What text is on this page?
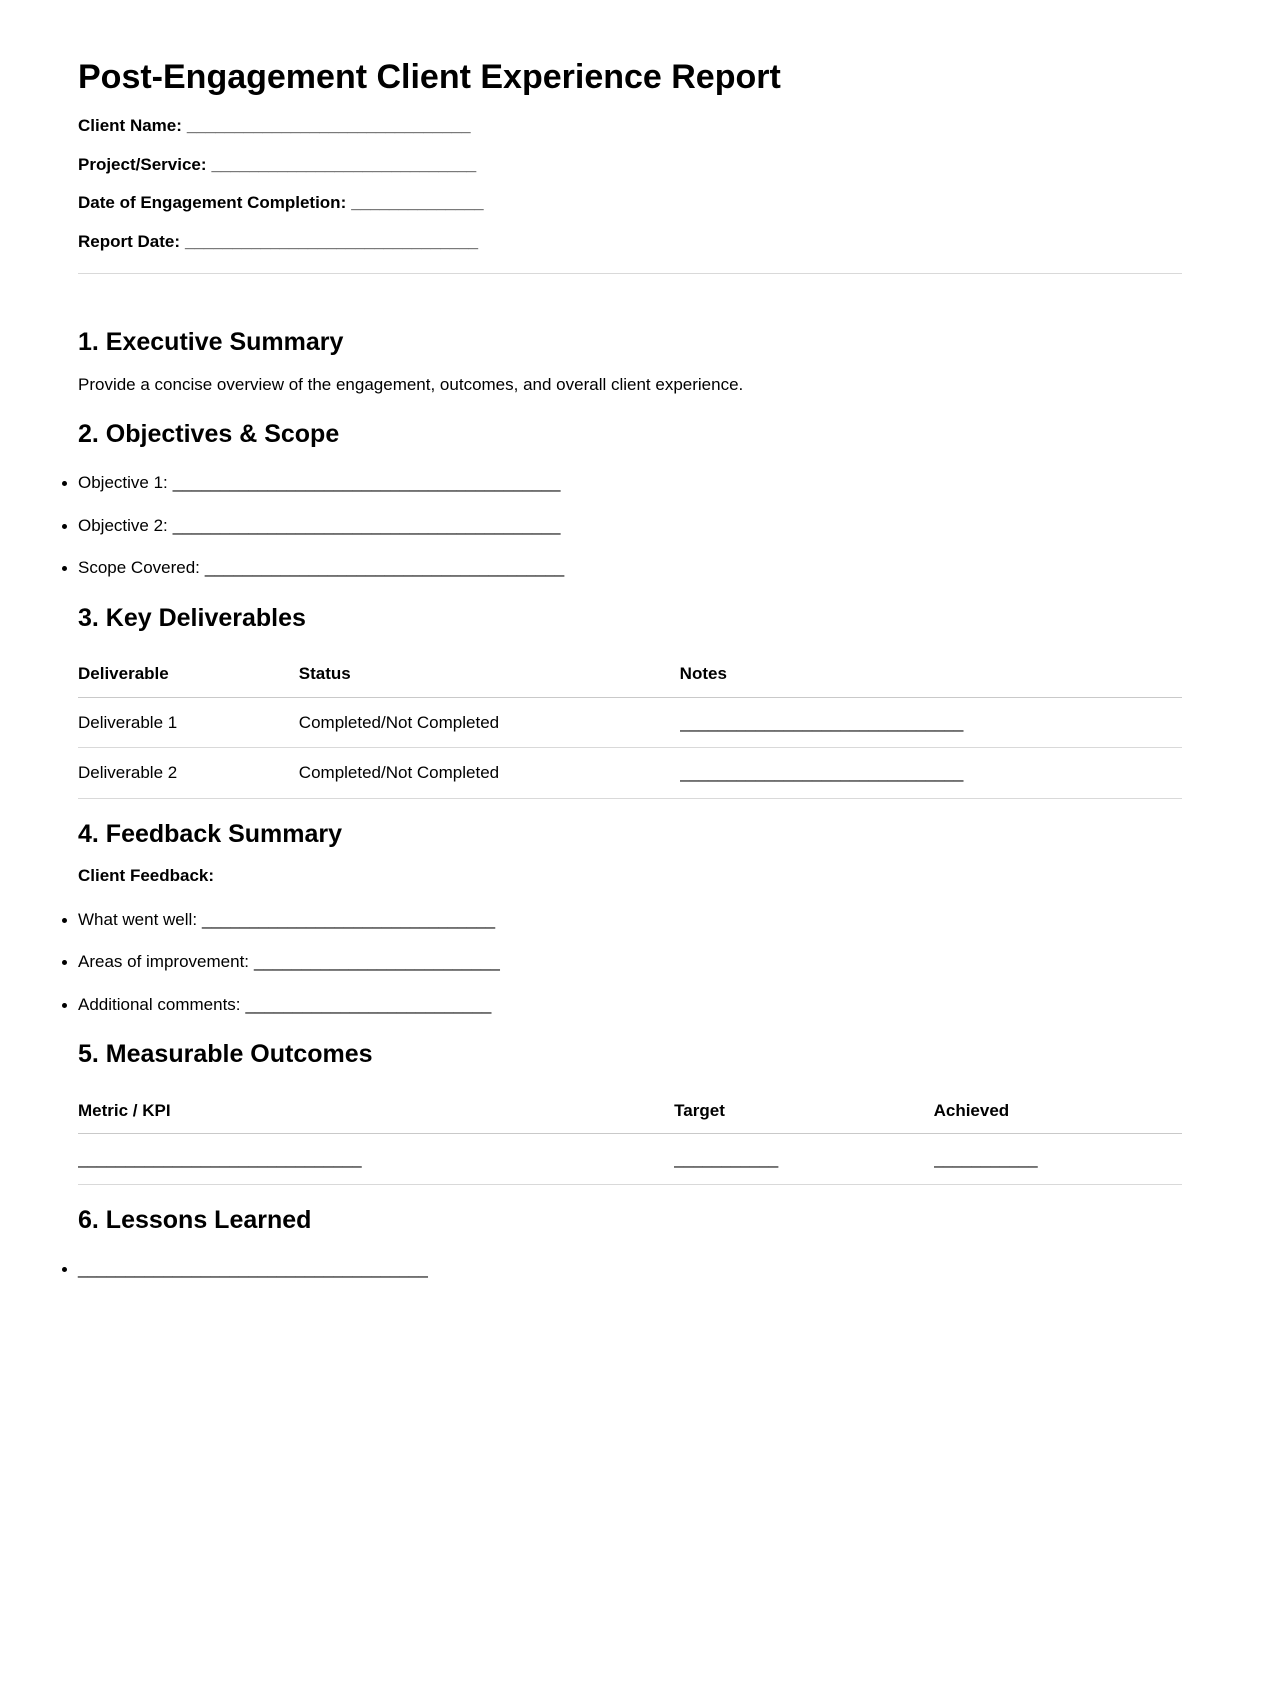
Post-Engagement Client Experience Report

Client Name: ______________________________

Project/Service: ____________________________

Date of Engagement Completion: ______________

Report Date: _______________________________

1. Executive Summary

Provide a concise overview of the engagement, outcomes, and overall client experience.

2. Objectives & Scope
Objective 1: _________________________________________
Objective 2: _________________________________________
Scope Covered: ______________________________________
3. Key Deliverables
Deliverable	Status	Notes
Deliverable 1	Completed/Not Completed	______________________________
Deliverable 2	Completed/Not Completed	______________________________
4. Feedback Summary

Client Feedback:

What went well: _______________________________
Areas of improvement: __________________________
Additional comments: __________________________
5. Measurable Outcomes
Metric / KPI	Target	Achieved
______________________________	___________	___________
6. Lessons Learned
_____________________________________
